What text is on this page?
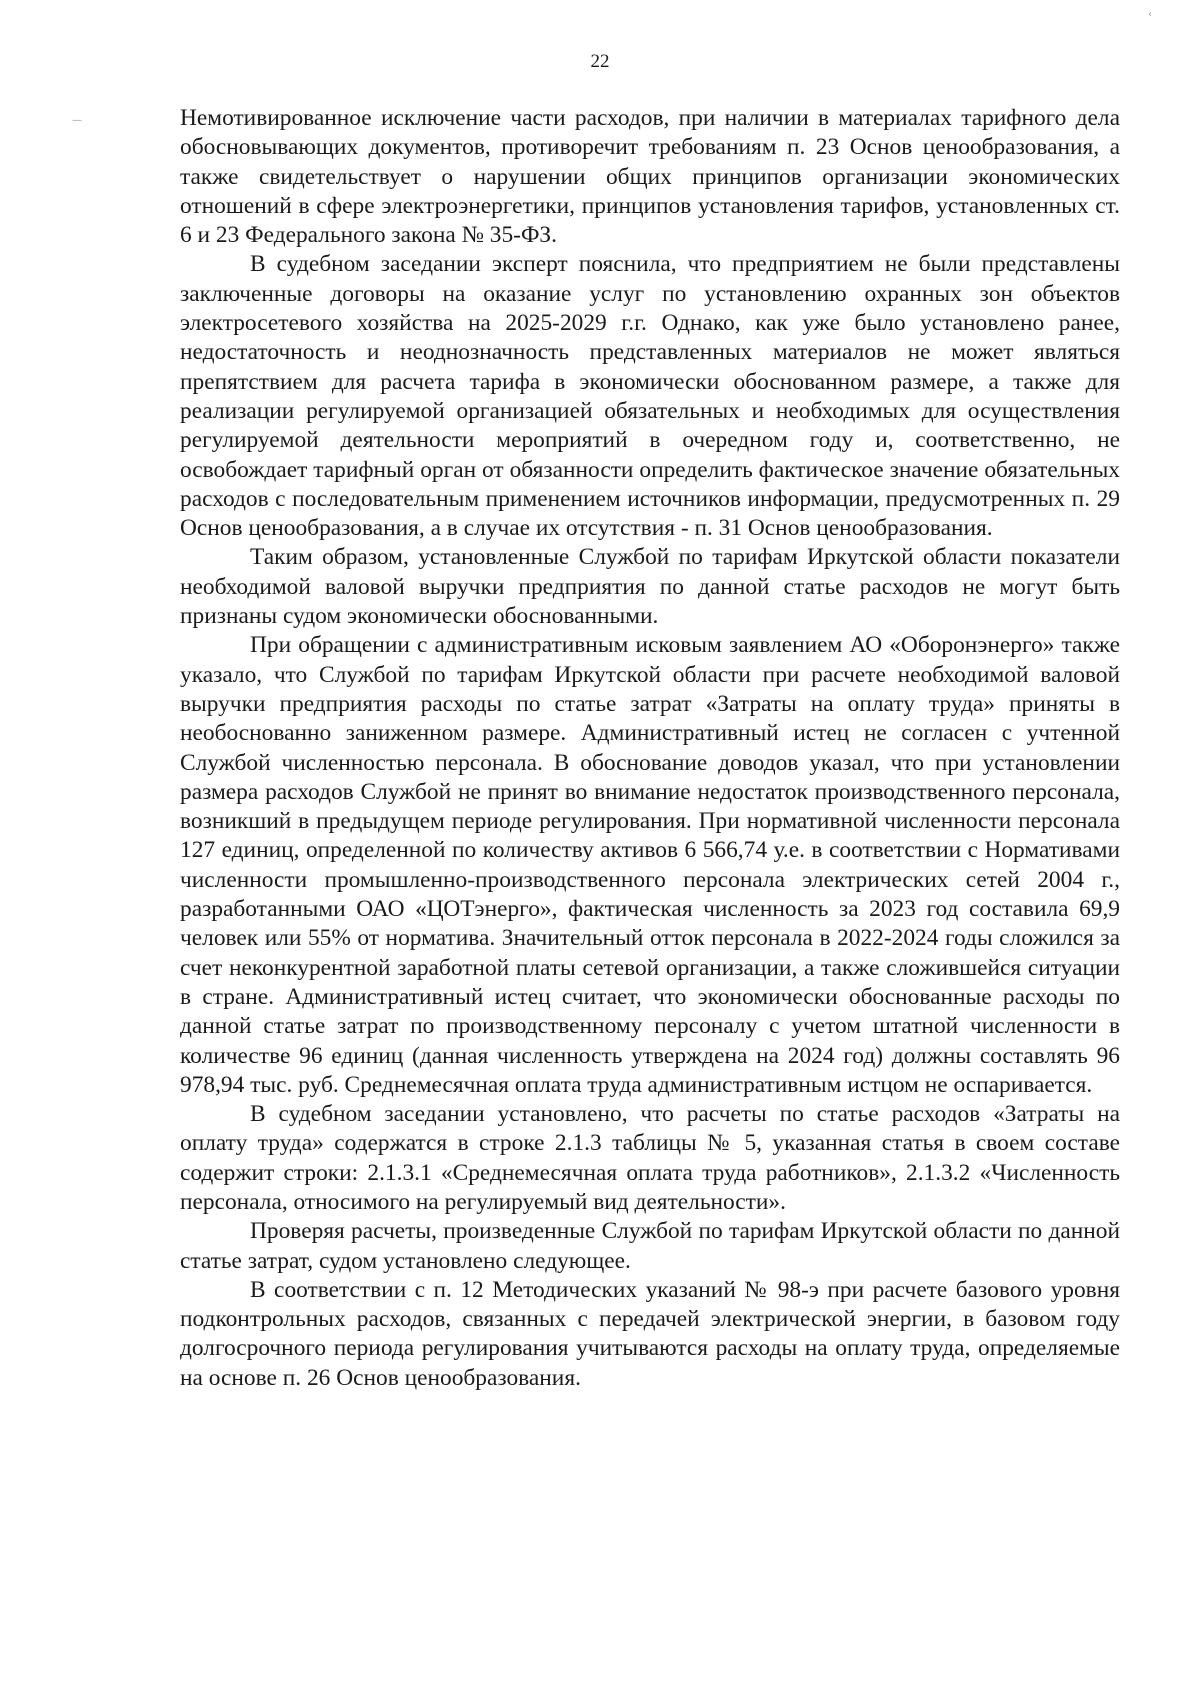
22
‹
—	Немотивированное исключение части расходов, при наличии в материалах тарифного дела обосновывающих документов, противоречит требованиям п. 23 Основ ценообразования, а также свидетельствует о нарушении общих принципов организации экономических отношений в сфере электроэнергетики, принципов установления тарифов, установленных ст. 6 и 23 Федерального закона № 35-ФЗ.

В судебном заседании эксперт пояснила, что предприятием не были представлены заключенные договоры на оказание услуг по установлению охранных зон объектов электросетевого хозяйства на 2025-2029 г.г. Однако, как уже было установлено ранее, недостаточность и неоднозначность представленных материалов не может являться препятствием для расчета тарифа в экономически обоснованном размере, а также для реализации регулируемой организацией обязательных и необходимых для осуществления регулируемой деятельности мероприятий в очередном году и, соответственно, не освобождает тарифный орган от обязанности определить фактическое значение обязательных расходов с последовательным применением источников информации, предусмотренных п. 29 Основ ценообразования, а в случае их отсутствия - п. 31 Основ ценообразования.

Таким образом, установленные Службой по тарифам Иркутской области показатели необходимой валовой выручки предприятия по данной статье расходов не могут быть признаны судом экономически обоснованными.

При обращении с административным исковым заявлением АО «Оборонэнерго» также указало, что Службой по тарифам Иркутской области при расчете необходимой валовой выручки предприятия расходы по статье затрат «Затраты на оплату труда» приняты в необоснованно заниженном размере. Административный истец не согласен с учтенной Службой численностью персонала. В обоснование доводов указал, что при установлении размера расходов Службой не принят во внимание недостаток производственного персонала, возникший в предыдущем периоде регулирования. При нормативной численности персонала 127 единиц, определенной по количеству активов 6 566,74 у.е. в соответствии с Нормативами численности промышленно-производственного персонала электрических сетей 2004 г., разработанными ОАО «ЦОТэнерго», фактическая численность за 2023 год составила 69,9 человек или 55% от норматива. Значительный отток персонала в 2022-2024 годы сложился за счет неконкурентной заработной платы сетевой организации, а также сложившейся ситуации в стране. Административный истец считает, что экономически обоснованные расходы по данной статье затрат по производственному персоналу с учетом штатной численности в количестве 96 единиц (данная численность утверждена на 2024 год) должны составлять 96 978,94 тыс. руб. Среднемесячная оплата труда административным истцом не оспаривается.

В судебном заседании установлено, что расчеты по статье расходов «Затраты на оплату труда» содержатся в строке 2.1.3 таблицы № 5, указанная статья в своем составе содержит строки: 2.1.3.1 «Среднемесячная оплата труда работников», 2.1.3.2 «Численность персонала, относимого на регулируемый вид деятельности».

Проверяя расчеты, произведенные Службой по тарифам Иркутской области по данной статье затрат, судом установлено следующее.

В соответствии с п. 12 Методических указаний № 98-э при расчете базового уровня подконтрольных расходов, связанных с передачей электрической энергии, в базовом году долгосрочного периода регулирования учитываются расходы на оплату труда, определяемые на основе п. 26 Основ ценообразования.
